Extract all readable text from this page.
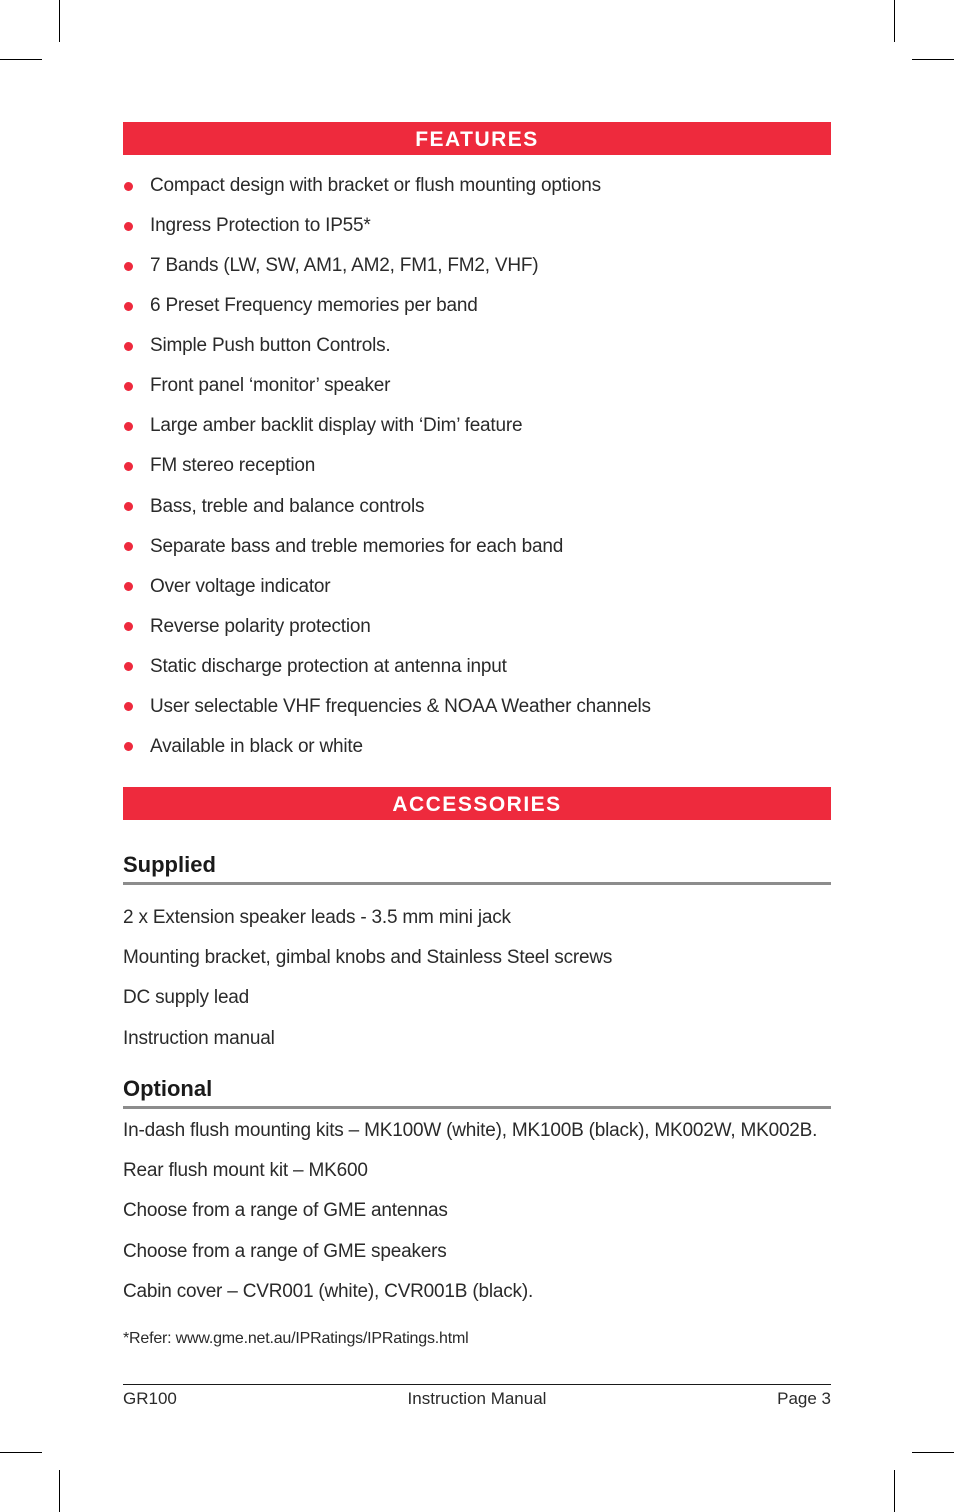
FEATURES
Compact design with bracket or flush mounting options
Ingress Protection to IP55*
7 Bands (LW, SW, AM1, AM2, FM1, FM2, VHF)
6 Preset Frequency memories per band
Simple Push button Controls.
Front panel ‘monitor’ speaker
Large amber backlit display with ‘Dim’ feature
FM stereo reception
Bass, treble and balance controls
Separate bass and treble memories for each band
Over voltage indicator
Reverse polarity protection
Static discharge protection at antenna input
User selectable VHF frequencies & NOAA Weather channels
Available in black or white
ACCESSORIES
Supplied
2 x Extension speaker leads - 3.5 mm mini jack
Mounting bracket, gimbal knobs and Stainless Steel screws
DC supply lead
Instruction manual
Optional
In-dash flush mounting kits – MK100W (white), MK100B (black), MK002W, MK002B.
Rear flush mount kit – MK600
Choose from a range of GME antennas
Choose from a range of GME speakers
Cabin cover – CVR001 (white), CVR001B (black).
*Refer: www.gme.net.au/IPRatings/IPRatings.html
GR100	Instruction Manual	Page 3
